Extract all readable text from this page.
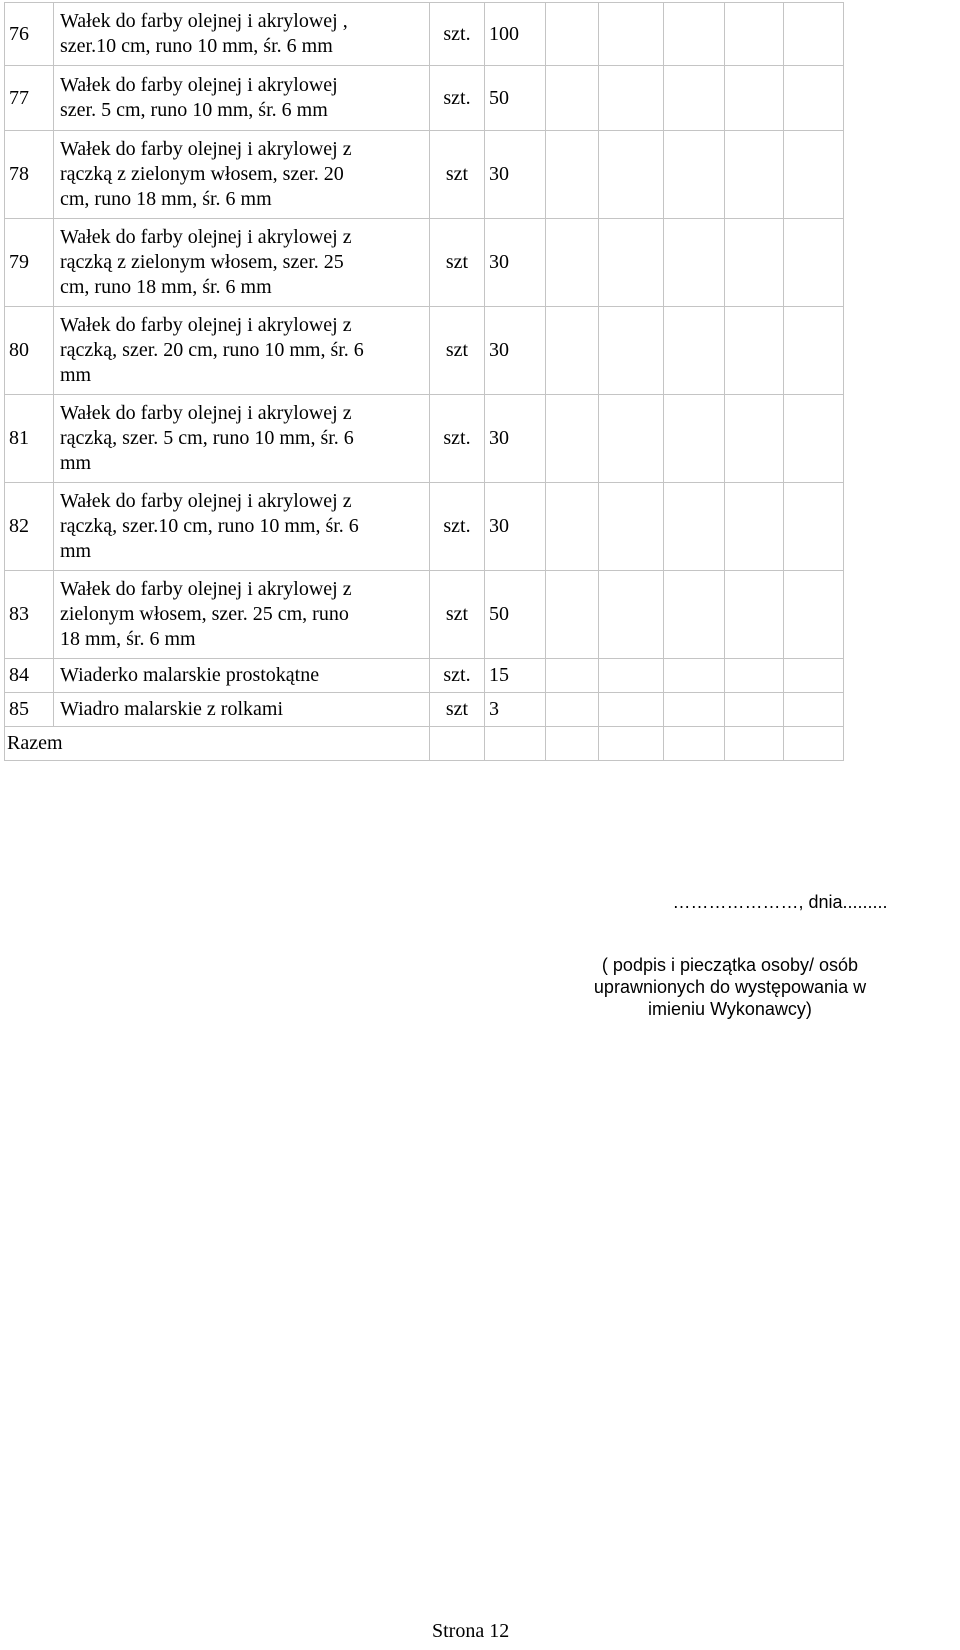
76	Wałek do farby olejnej i akrylowej ,
szer.10 cm, runo 10 mm, śr. 6 mm	szt.	100					
77	Wałek do farby olejnej i akrylowej
szer. 5 cm, runo 10 mm, śr. 6 mm	szt.	50					
78	Wałek do farby olejnej i akrylowej z
rączką z zielonym włosem, szer. 20
cm, runo 18 mm, śr. 6 mm	szt	30					
79	Wałek do farby olejnej i akrylowej z
rączką z zielonym włosem, szer. 25
cm, runo 18 mm, śr. 6 mm	szt	30					
80	Wałek do farby olejnej i akrylowej z
rączką, szer. 20 cm, runo 10 mm, śr. 6
mm	szt	30					
81	Wałek do farby olejnej i akrylowej z
rączką, szer. 5 cm, runo 10 mm, śr. 6
mm	szt.	30					
82	Wałek do farby olejnej i akrylowej z
rączką, szer.10 cm, runo 10 mm, śr. 6
mm	szt.	30					
83	Wałek do farby olejnej i akrylowej z
zielonym włosem, szer. 25 cm, runo
18 mm, śr. 6 mm	szt	50					
84	Wiaderko malarskie prostokątne	szt.	15					
85	Wiadro malarskie z rolkami	szt	3					
Razem								
…………………, dnia.........
( podpis i pieczątka osoby/ osób
uprawnionych do występowania w
imieniu Wykonawcy)
Strona 12
